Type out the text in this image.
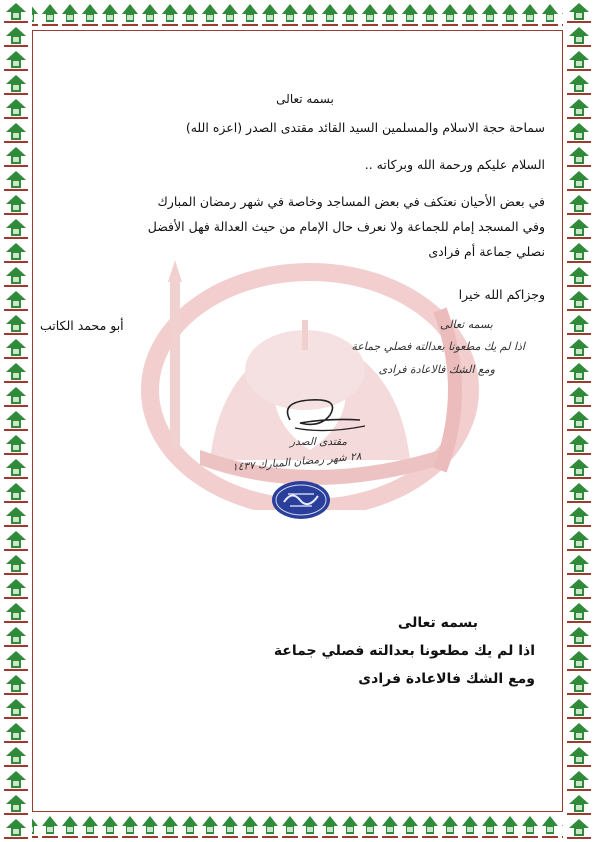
بسمه تعالى
سماحة حجة الاسلام والمسلمين السيد القائد مقتدى الصدر (اعزه الله)
السلام عليكم ورحمة الله وبركاته ..
في بعض الأحيان نعتكف في بعض المساجد وخاصة في شهر رمضان المبارك
وفي المسجد إمام للجماعة ولا نعرف حال الإمام من حيث العدالة فهل الأفضل
نصلي جماعة أم فرادى
وجزاكم الله خيرا
أبو محمد الكاتب	بسمه تعالى
اذا لم يك مطعونا بعدالته فصلي جماعة
ومع الشك فالاعادة فرادى
مقتدى الصدر
٢٨ شهر رمضان المبارك ١٤٣٧
بسمه تعالى
اذا لم يك مطعونا بعدالته فصلي جماعة
ومع الشك فالاعادة فرادى
